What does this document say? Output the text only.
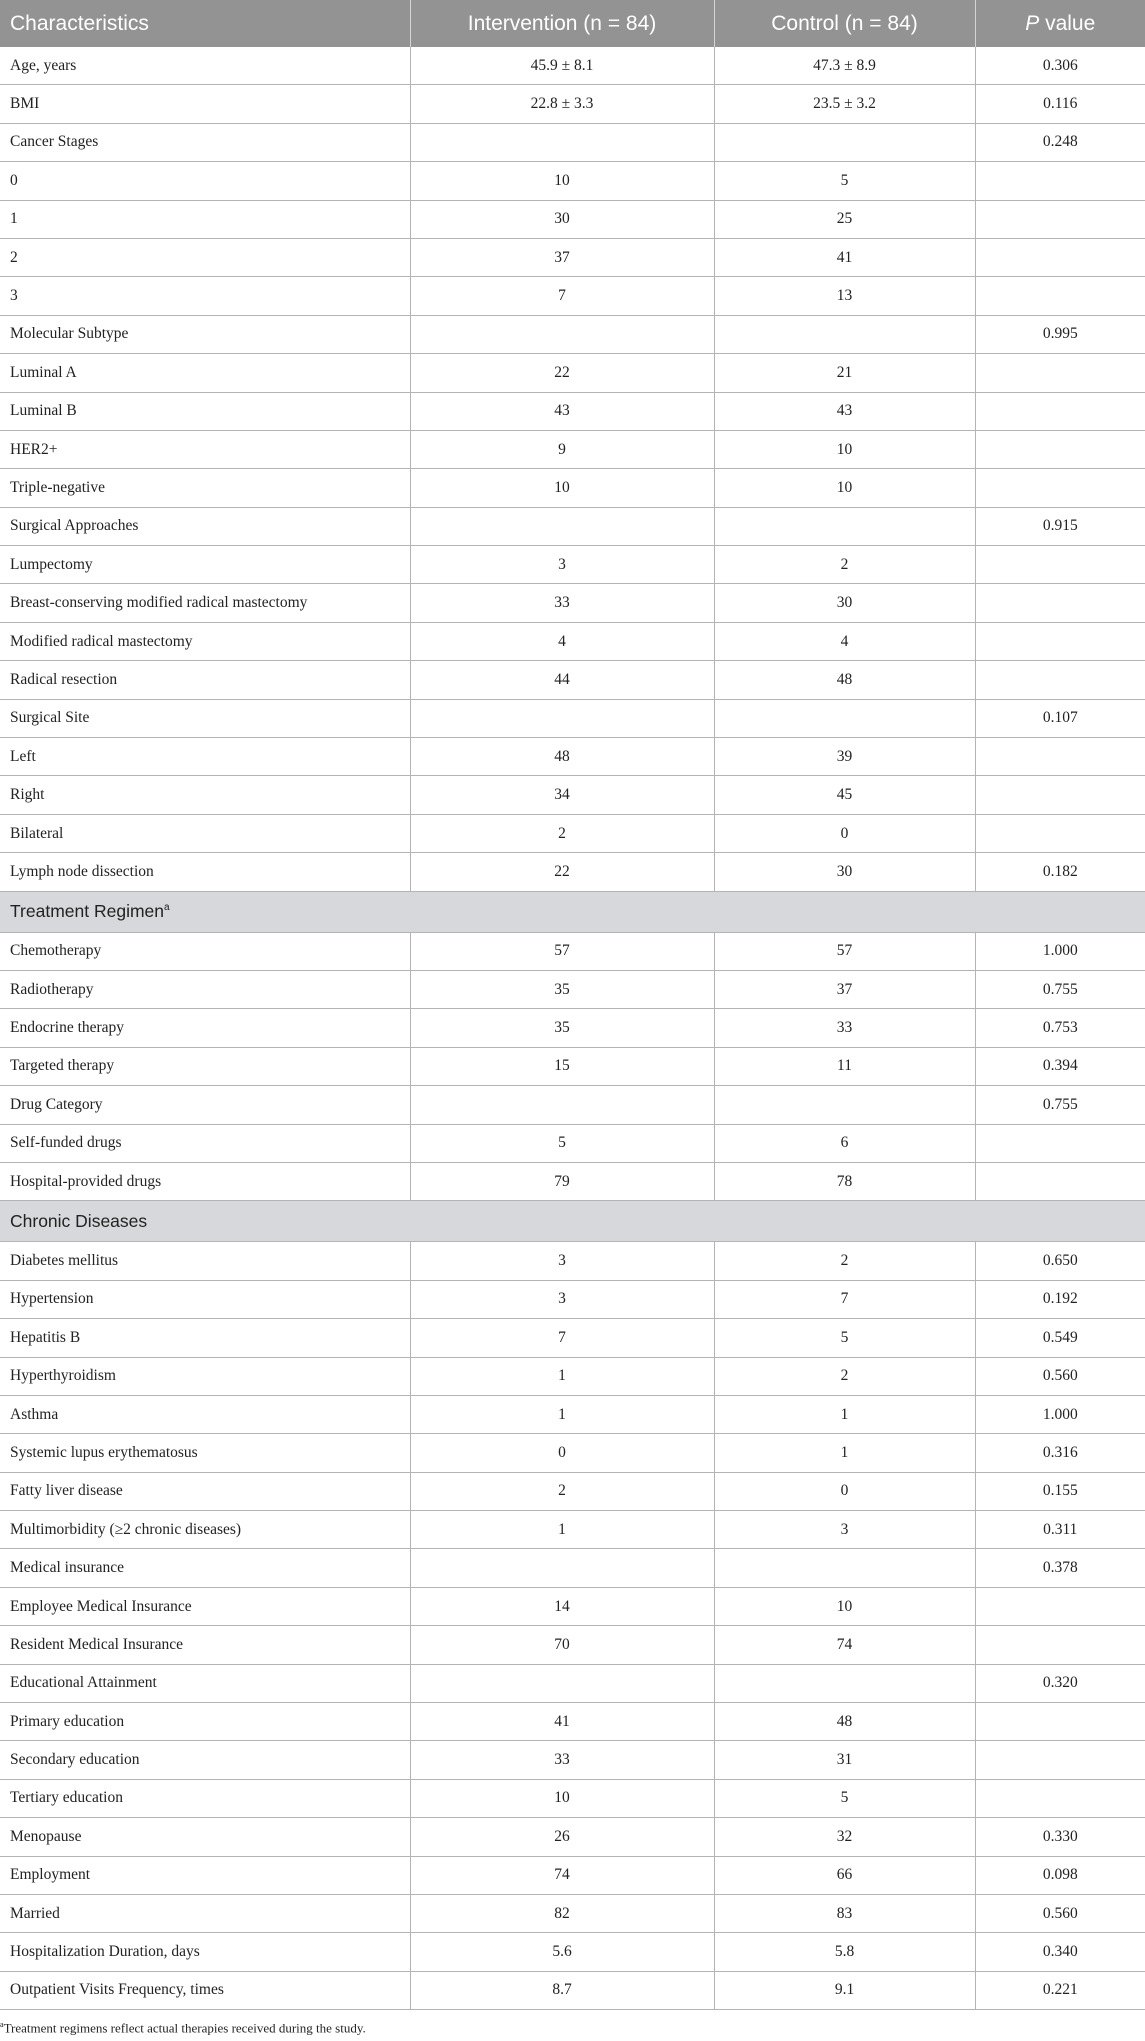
Characteristics	Intervention (n = 84)	Control (n = 84)	P value
Age, years	45.9 ± 8.1	47.3 ± 8.9	0.306
BMI	22.8 ± 3.3	23.5 ± 3.2	0.116
Cancer Stages			0.248
0	10	5	
1	30	25	
2	37	41	
3	7	13	
Molecular Subtype			0.995
Luminal A	22	21	
Luminal B	43	43	
HER2+	9	10	
Triple-negative	10	10	
Surgical Approaches			0.915
Lumpectomy	3	2	
Breast-conserving modified radical mastectomy	33	30	
Modified radical mastectomy	4	4	
Radical resection	44	48	
Surgical Site			0.107
Left	48	39	
Right	34	45	
Bilateral	2	0	
Lymph node dissection	22	30	0.182
Treatment Regimen$^a$
Chemotherapy	57	57	1.000
Radiotherapy	35	37	0.755
Endocrine therapy	35	33	0.753
Targeted therapy	15	11	0.394
Drug Category			0.755
Self-funded drugs	5	6	
Hospital-provided drugs	79	78	
Chronic Diseases			
Diabetes mellitus	3	2	0.650
Hypertension	3	7	0.192
Hepatitis B	7	5	0.549
Hyperthyroidism	1	2	0.560
Asthma	1	1	1.000
Systemic lupus erythematosus	0	1	0.316
Fatty liver disease	2	0	0.155
Multimorbidity (≥2 chronic diseases)	1	3	0.311
Medical insurance			0.378
Employee Medical Insurance	14	10	
Resident Medical Insurance	70	74	
Educational Attainment			0.320
Primary education	41	48	
Secondary education	33	31	
Tertiary education	10	5	
Menopause	26	32	0.330
Employment	74	66	0.098
Married	82	83	0.560
Hospitalization Duration, days	5.6	5.8	0.340
Outpatient Visits Frequency, times	8.7	9.1	0.221
$^a$Treatment regimens reflect actual therapies received during the study.
